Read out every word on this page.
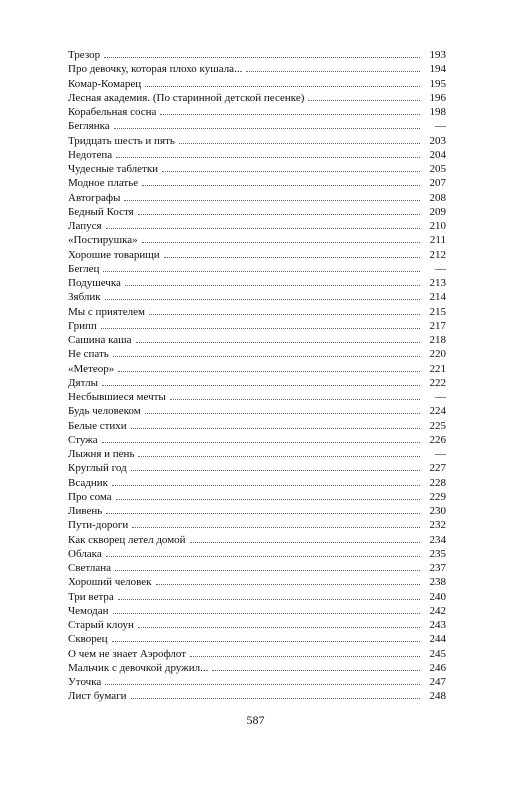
Трезор	193
Про девочку, которая плохо кушала...	194
Комар-Комарец	195
Лесная академия. (По старинной детской песенке)	196
Корабельная сосна	198
Беглянка	—
Тридцать шесть и пять	203
Недотепа	204
Чудесные таблетки	205
Модное платье	207
Автографы	208
Бедный Костя	209
Лапуся	210
«Постирушка»	211
Хорошие товарищи	212
Беглец	—
Подушечка	213
Зяблик	214
Мы с приятелем	215
Грипп	217
Сашина каша	218
Не спать	220
«Метеор»	221
Дятлы	222
Несбывшиеся мечты	—
Будь человеком	224
Белые стихи	225
Стужа	226
Лыжня и пень	—
Круглый год	227
Всадник	228
Про сома	229
Ливень	230
Пути-дороги	232
Как скворец летел домой	234
Облака	235
Светлана	237
Хороший человек	238
Три ветра	240
Чемодан	242
Старый клоун	243
Скворец	244
О чем не знает Аэрофлот	245
Мальчик с девочкой дружил...	246
Уточка	247
Лист бумаги	248
587
